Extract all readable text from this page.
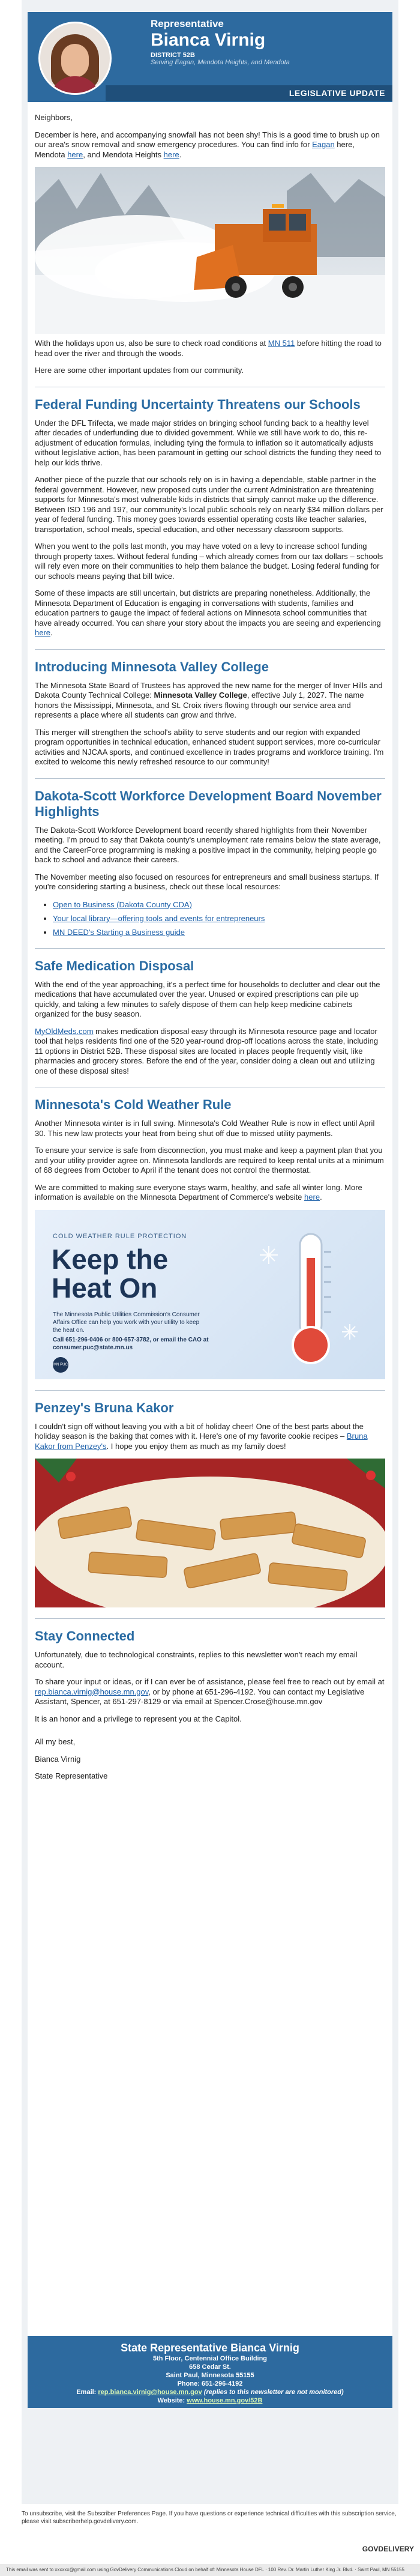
Representative
Bianca Virnig
DISTRICT 52B
Serving Eagan, Mendota Heights, and Mendota
LEGISLATIVE UPDATE

Neighbors,

December is here, and accompanying snowfall has not been shy! This is a good time to brush up on our area's snow removal and snow emergency procedures. You can find info for Eagan here, Mendota here, and Mendota Heights here.

With the holidays upon us, also be sure to check road conditions at MN 511 before hitting the road to head over the river and through the woods.

Here are some other important updates from our community.

Federal Funding Uncertainty Threatens our Schools

Under the DFL Trifecta, we made major strides on bringing school funding back to a healthy level after decades of underfunding due to divided government. While we still have work to do, this re-adjustment of education formulas, including tying the formula to inflation so it automatically adjusts without legislative action, has been paramount in getting our school districts the funding they need to help our kids thrive.

Another piece of the puzzle that our schools rely on is in having a dependable, stable partner in the federal government. However, new proposed cuts under the current Administration are threatening supports for Minnesota's most vulnerable kids in districts that simply cannot make up the difference. Between ISD 196 and 197, our community's local public schools rely on nearly $34 million dollars per year of federal funding. This money goes towards essential operating costs like teacher salaries, transportation, school meals, special education, and other necessary classroom supports.

When you went to the polls last month, you may have voted on a levy to increase school funding through property taxes. Without federal funding – which already comes from our tax dollars – schools will rely even more on their communities to help them balance the budget. Losing federal funding for our schools means paying that bill twice.

Some of these impacts are still uncertain, but districts are preparing nonetheless. Additionally, the Minnesota Department of Education is engaging in conversations with students, families and education partners to gauge the impact of federal actions on Minnesota school communities that have already occurred. You can share your story about the impacts you are seeing and experiencing here.

Introducing Minnesota Valley College

The Minnesota State Board of Trustees has approved the new name for the merger of Inver Hills and Dakota County Technical College: Minnesota Valley College, effective July 1, 2027. The name honors the Mississippi, Minnesota, and St. Croix rivers flowing through our service area and represents a place where all students can grow and thrive.

This merger will strengthen the school's ability to serve students and our region with expanded program opportunities in technical education, enhanced student support services, more co-curricular activities and NJCAA sports, and continued excellence in trades programs and workforce training. I'm excited to welcome this newly refreshed resource to our community!

Dakota-Scott Workforce Development Board November Highlights

The Dakota-Scott Workforce Development board recently shared highlights from their November meeting. I'm proud to say that Dakota county's unemployment rate remains below the state average, and the CareerForce programming is making a positive impact in the community, helping people go back to school and advance their careers.

The November meeting also focused on resources for entrepreneurs and small business startups. If you're considering starting a business, check out these local resources:

• Open to Business (Dakota County CDA)
• Your local library—offering tools and events for entrepreneurs
• MN DEED's Starting a Business guide
Safe Medication Disposal

With the end of the year approaching, it's a perfect time for households to declutter and clear out the medications that have accumulated over the year. Unused or expired prescriptions can pile up quickly, and taking a few minutes to safely dispose of them can help keep medicine cabinets organized for the busy season.

MyOldMeds.com makes medication disposal easy through its Minnesota resource page and locator tool that helps residents find one of the 520 year-round drop-off locations across the state, including 11 options in District 52B. These disposal sites are located in places people frequently visit, like pharmacies and grocery stores. Before the end of the year, consider doing a clean out and utilizing one of these disposal sites!

Minnesota's Cold Weather Rule

Another Minnesota winter is in full swing. Minnesota's Cold Weather Rule is now in effect until April 30. This new law protects your heat from being shut off due to missed utility payments.

To ensure your service is safe from disconnection, you must make and keep a payment plan that you and your utility provider agree on. Minnesota landlords are required to keep rental units at a minimum of 68 degrees from October to April if the tenant does not control the thermostat.

We are committed to making sure everyone stays warm, healthy, and safe all winter long. More information is available on the Minnesota Department of Commerce's website here.

COLD WEATHER RULE PROTECTION
Keep the
Heat On
The Minnesota Public Utilities Commission's Consumer Affairs Office can help you work with your utility to keep the heat on.
Call 651-296-0406 or 800-657-3782, or email the CAO at consumer.puc@state.mn.us
MN PUC
Penzey's Bruna Kakor

I couldn't sign off without leaving you with a bit of holiday cheer! One of the best parts about the holiday season is the baking that comes with it. Here's one of my favorite cookie recipes – Bruna Kakor from Penzey's. I hope you enjoy them as much as my family does!

Stay Connected

Unfortunately, due to technological constraints, replies to this newsletter won't reach my email account.

To share your input or ideas, or if I can ever be of assistance, please feel free to reach out by email at rep.bianca.virnig@house.mn.gov, or by phone at 651-296-4192. You can contact my Legislative Assistant, Spencer, at 651-297-8129 or via email at Spencer.Crose@house.mn.gov

It is an honor and a privilege to represent you at the Capitol.

All my best,

Bianca Virnig

State Representative

State Representative Bianca Virnig
5th Floor, Centennial Office Building
658 Cedar St.
Saint Paul, Minnesota 55155
Phone: 651-296-4192
Email: rep.bianca.virnig@house.mn.gov (replies to this newsletter are not monitored)
Website: www.house.mn.gov/52B
To unsubscribe, visit the Subscriber Preferences Page. If you have questions or experience technical difficulties with this subscription service, please visit subscriberhelp.govdelivery.com.
GOVDELIVERY
This email was sent to xxxxxx@gmail.com using GovDelivery Communications Cloud on behalf of: Minnesota House DFL · 100 Rev. Dr. Martin Luther King Jr. Blvd. · Saint Paul, MN 55155
